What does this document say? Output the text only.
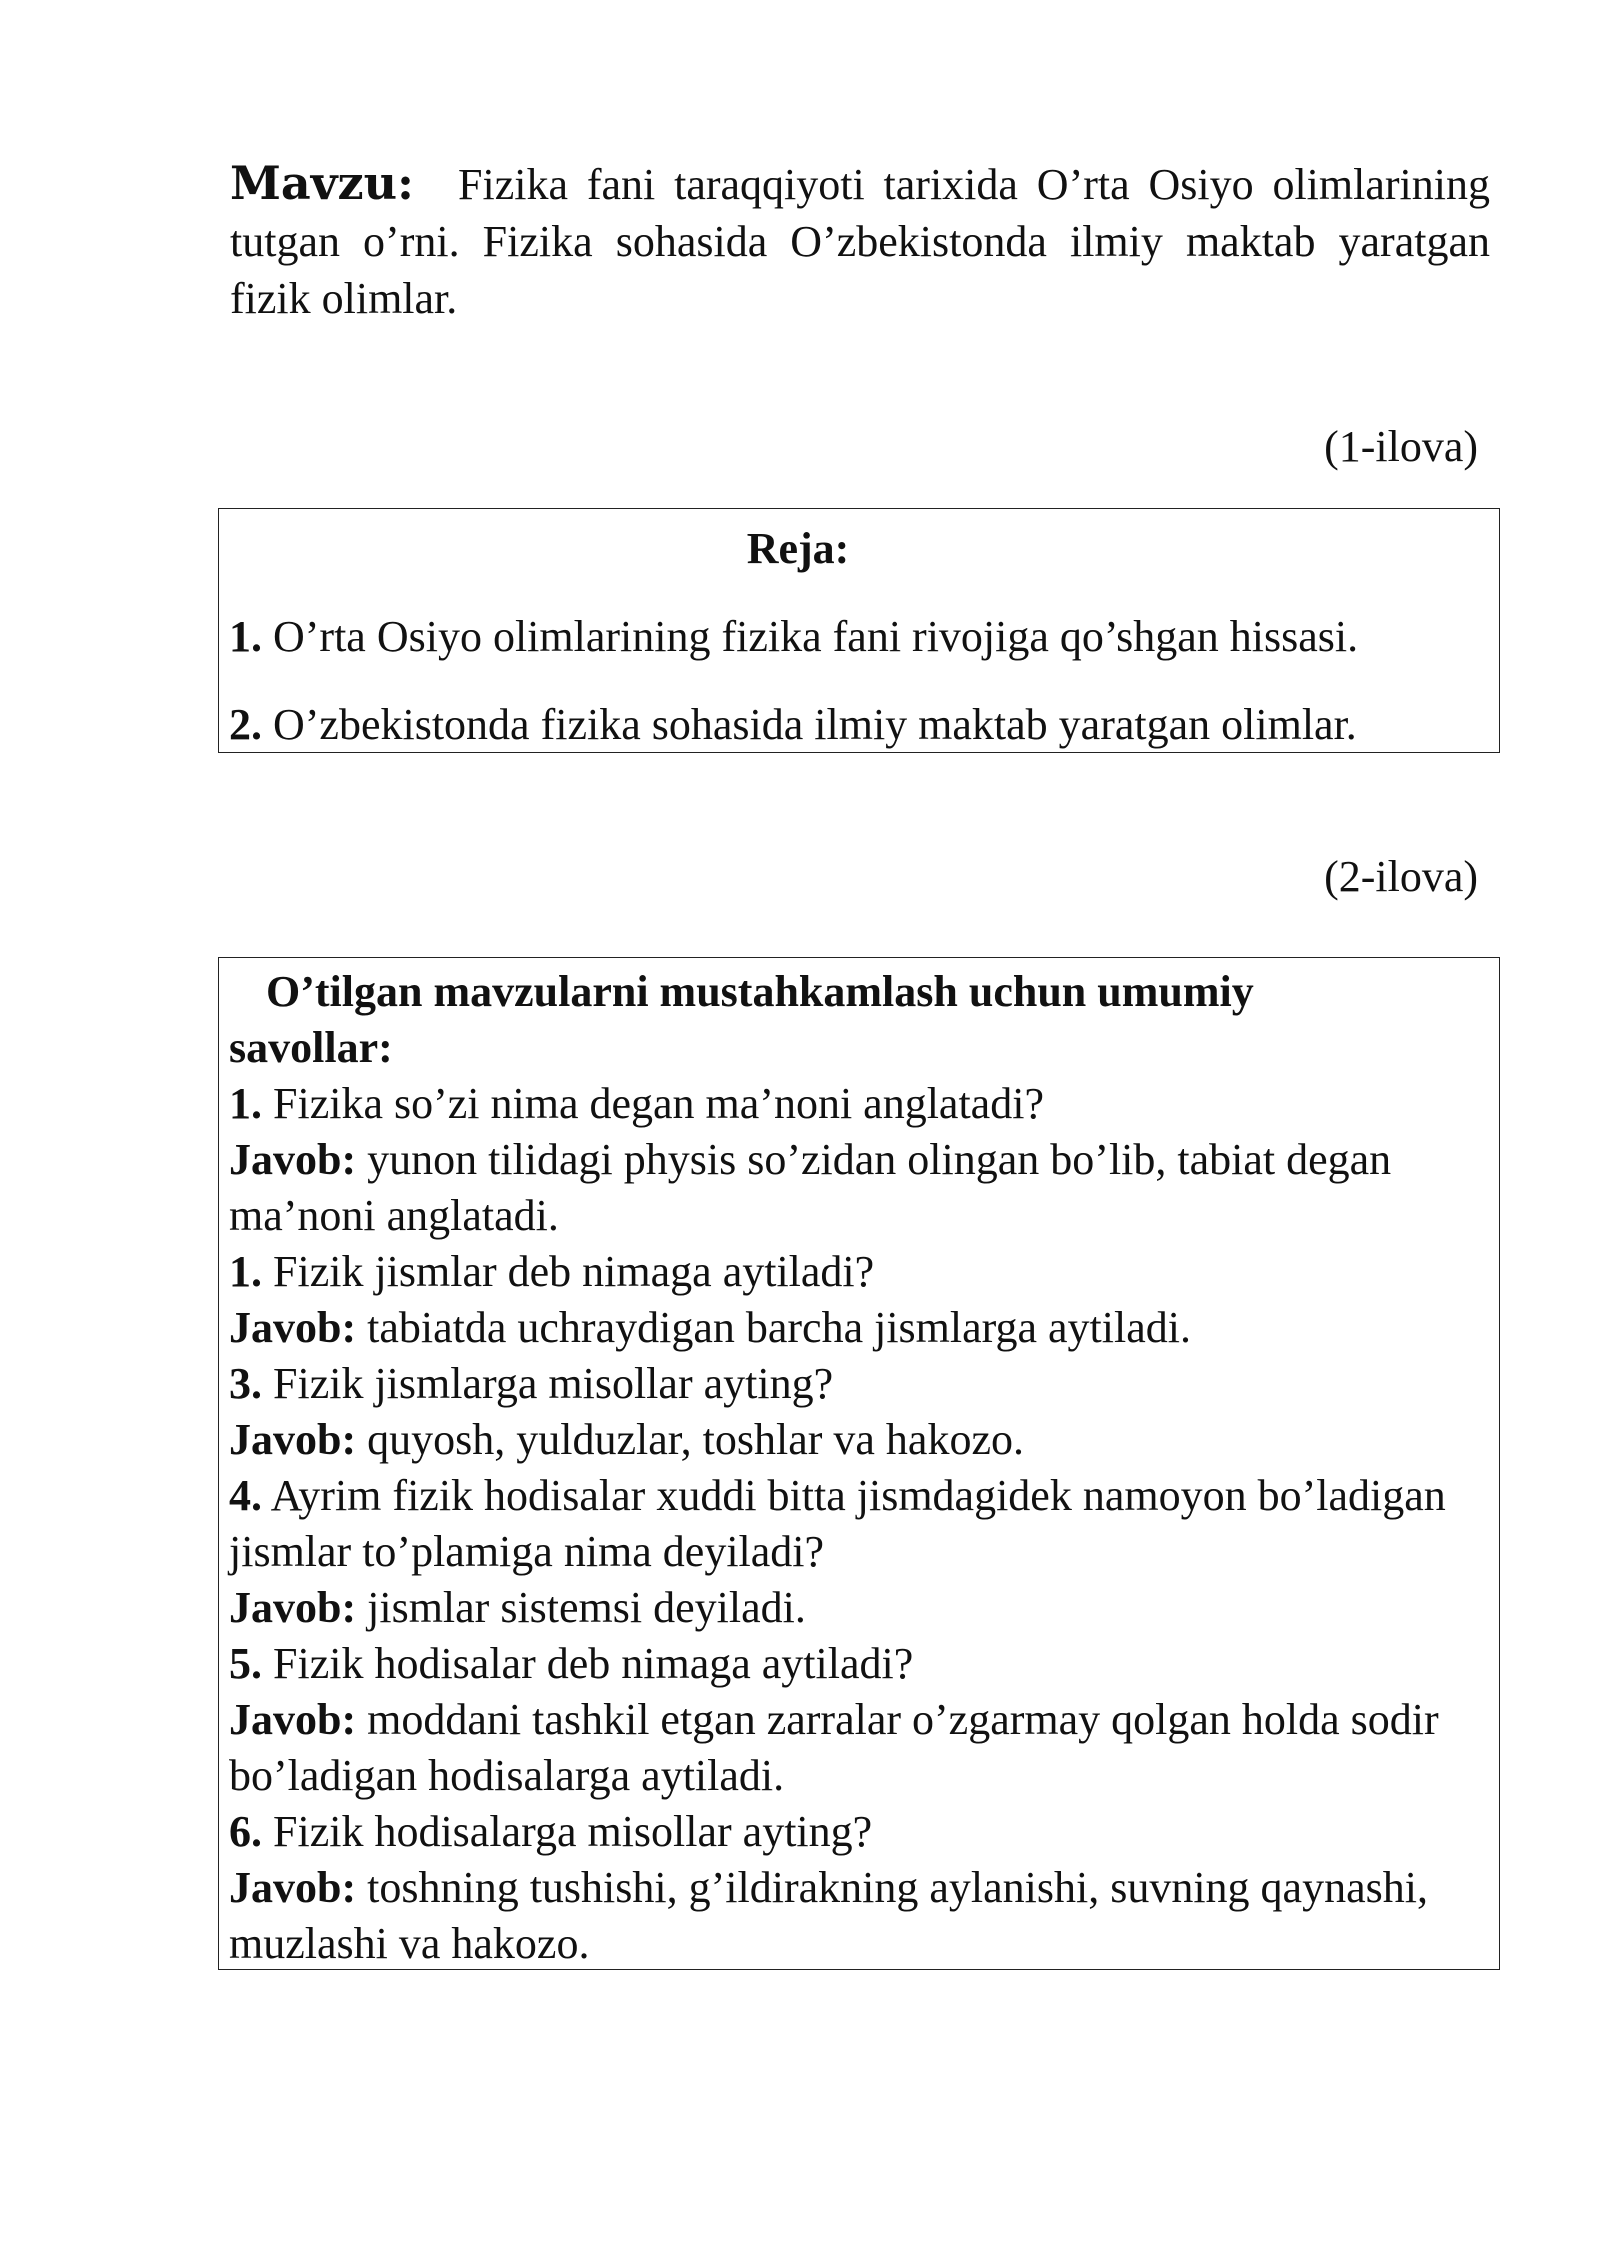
Mavzu: Fizika fani taraqqiyoti tarixida O’rta Osiyo olimlarining tutgan o’rni. Fizika sohasida O’zbekistonda ilmiy maktab yaratgan fizik olimlar.
(1-ilova)
Reja:
1. O’rta Osiyo olimlarining fizika fani rivojiga qo’shgan hissasi.
2. O’zbekistonda fizika sohasida ilmiy maktab yaratgan olimlar.
(2-ilova)
O’tilgan mavzularni mustahkamlash uchun umumiy savollar:
1. Fizika so’zi nima degan ma’noni anglatadi?
Javob: yunon tilidagi physis so’zidan olingan bo’lib, tabiat degan ma’noni anglatadi.
1. Fizik jismlar deb nimaga aytiladi?
Javob: tabiatda uchraydigan barcha jismlarga aytiladi.
3. Fizik jismlarga misollar ayting?
Javob: quyosh, yulduzlar, toshlar va hakozo.
4. Ayrim fizik hodisalar xuddi bitta jismdagidek namoyon bo’ladigan jismlar to’plamiga nima deyiladi?
Javob: jismlar sistemsi deyiladi.
5. Fizik hodisalar deb nimaga aytiladi?
Javob: moddani tashkil etgan zarralar o’zgarmay qolgan holda sodir bo’ladigan hodisalarga aytiladi.
6. Fizik hodisalarga misollar ayting?
Javob: toshning tushishi, g’ildirakning aylanishi, suvning qaynashi, muzlashi va hakozo.
